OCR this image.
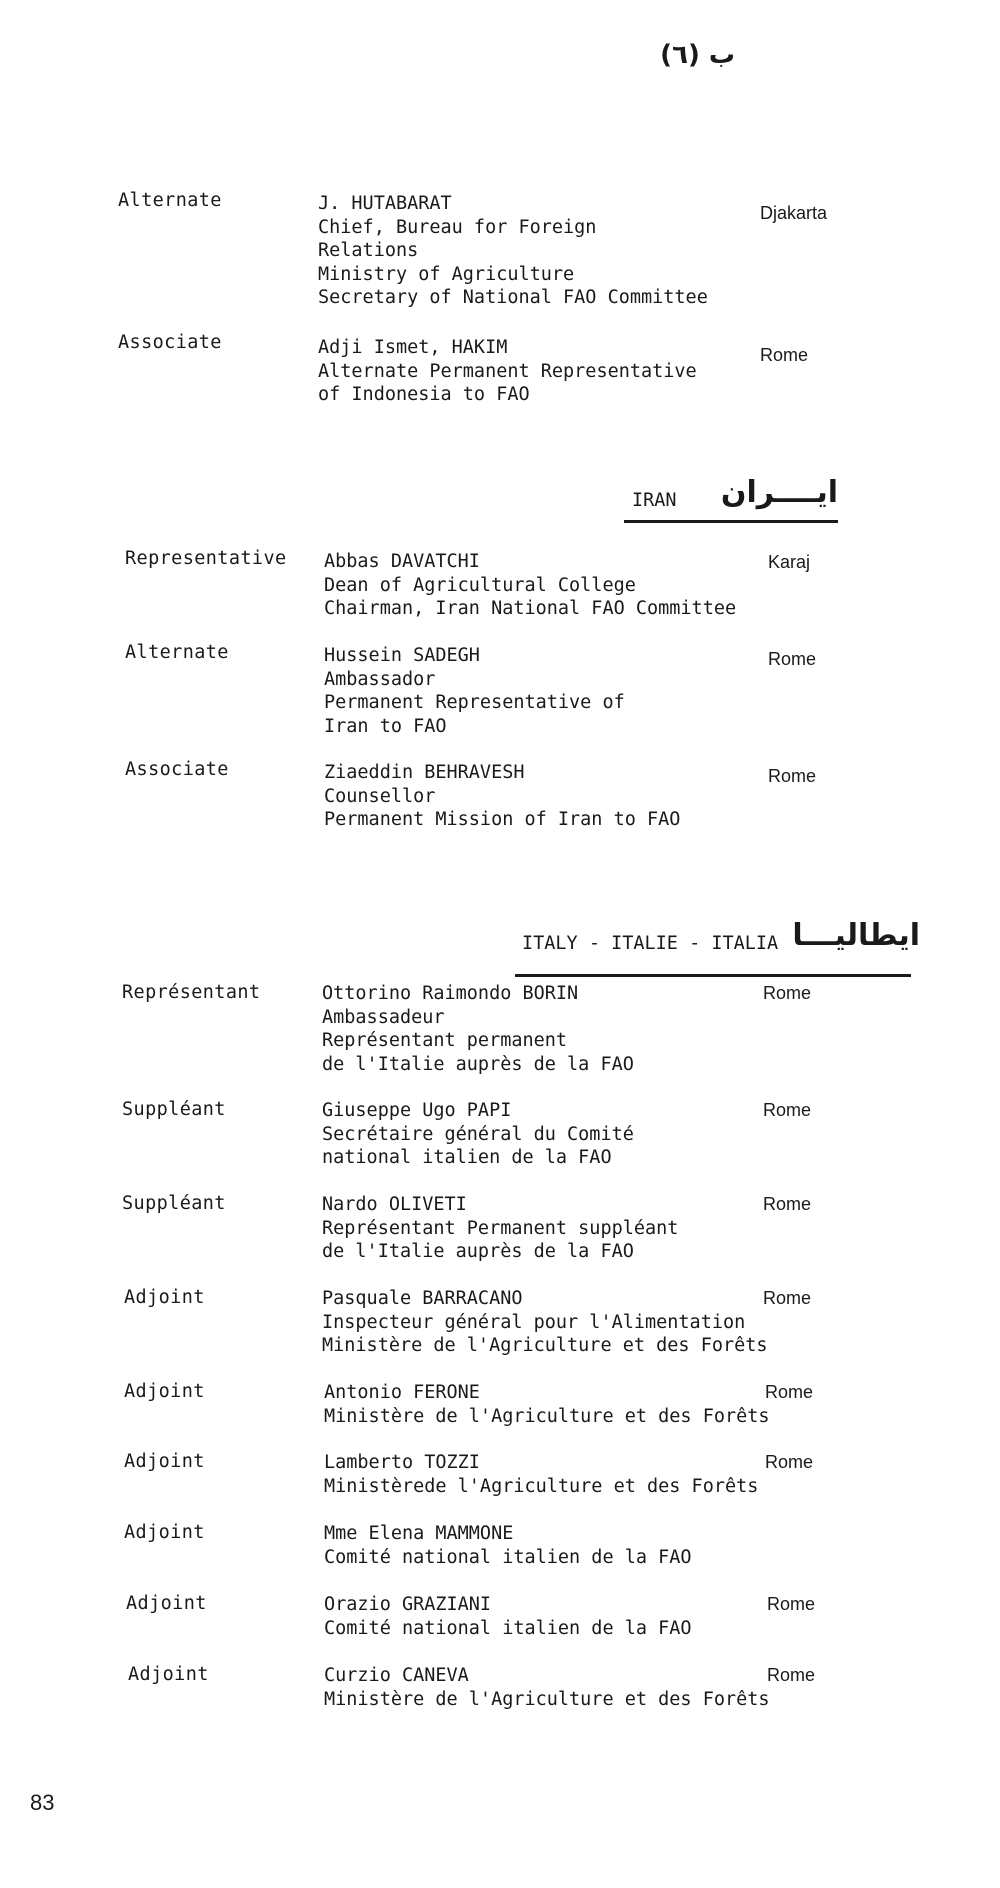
ب (٦)
Alternate	J. HUTABARAT
Chief, Bureau for Foreign
Relations
Ministry of Agriculture
Secretary of National FAO Committee
Djakarta
Associate	Adji Ismet, HAKIM
Alternate Permanent Representative
of Indonesia to FAO
Rome
IRAN	ايــــران
Representative Abbas DAVATCHI
Dean of Agricultural College
Chairman, Iran National FAO Committee
Karaj
Alternate	Hussein SADEGH
Ambassador
Permanent Representative of
Iran to FAO
Rome
Associate	Ziaeddin BEHRAVESH
Counsellor
Permanent Mission of Iran to FAO
Rome
ITALY - ITALIE - ITALIA ايطاليـــا
Représentant	Ottorino Raimondo BORIN
Ambassadeur
Représentant permanent
de l'Italie auprès de la FAO
Rome
Suppléant	Giuseppe Ugo PAPI
Secrétaire général du Comité
national italien de la FAO
Rome
Suppléant	Nardo OLIVETI
Représentant Permanent suppléant
de l'Italie auprès de la FAO
Rome
Adjoint	Pasquale BARRACANO
Inspecteur général pour l'Alimentation
Ministère de l'Agriculture et des Forêts
Rome
Adjoint	Antonio FERONE
Ministère de l'Agriculture et des Forêts
Rome
Adjoint	Lamberto TOZZI
Ministèrede l'Agriculture et des Forêts
Rome
Adjoint	Mme Elena MAMMONE
Comité national italien de la FAO
Adjoint	Orazio GRAZIANI
Comité national italien de la FAO
Rome
Adjoint	Curzio CANEVA
Ministère de l'Agriculture et des Forêts
Rome
83
